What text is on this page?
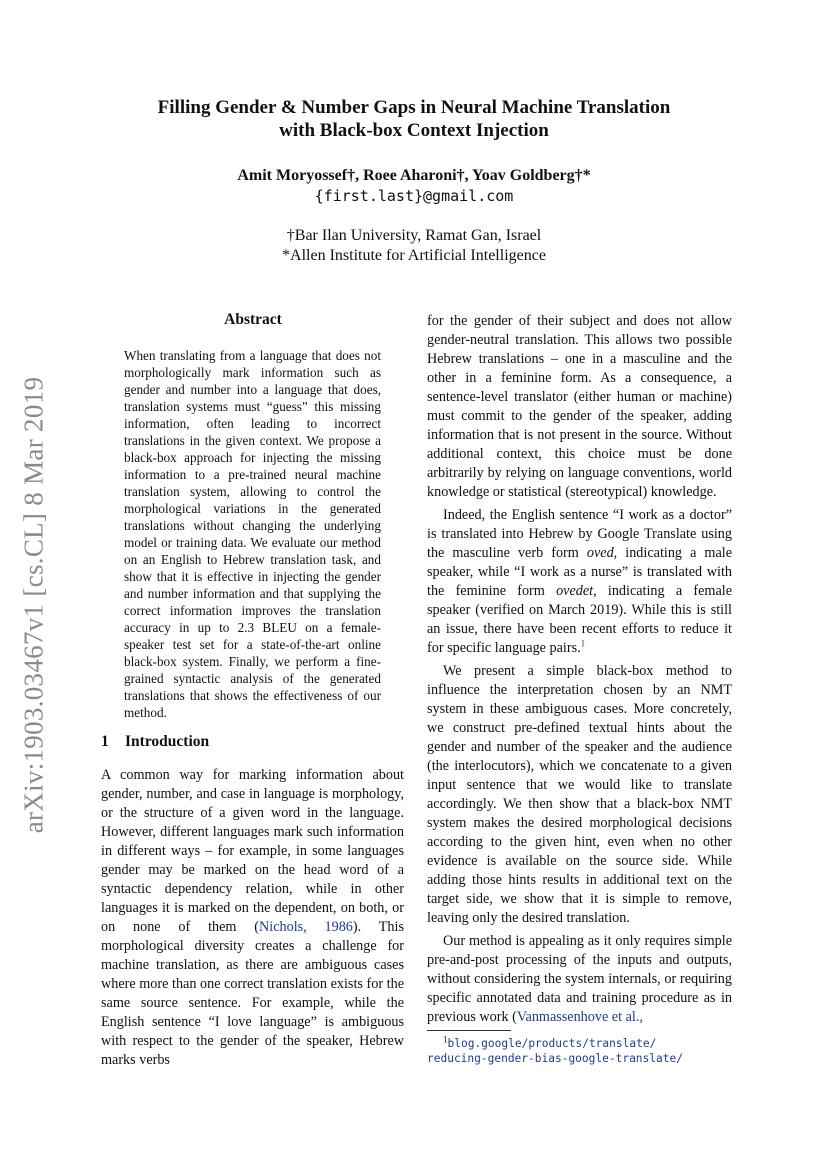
Filling Gender & Number Gaps in Neural Machine Translation
with Black-box Context Injection
Amit Moryossef†, Roee Aharoni†, Yoav Goldberg†*
{first.last}@gmail.com
†Bar Ilan University, Ramat Gan, Israel
*Allen Institute for Artificial Intelligence
arXiv:1903.03467v1 [cs.CL] 8 Mar 2019
Abstract
When translating from a language that does not morphologically mark information such as gender and number into a language that does, translation systems must “guess” this missing information, often leading to incorrect translations in the given context. We propose a black-box approach for injecting the missing information to a pre-trained neural machine translation system, allowing to control the morphological variations in the generated translations without changing the underlying model or training data. We evaluate our method on an English to Hebrew translation task, and show that it is effective in injecting the gender and number information and that supplying the correct information improves the translation accuracy in up to 2.3 BLEU on a female-speaker test set for a state-of-the-art online black-box system. Finally, we perform a fine-grained syntactic analysis of the generated translations that shows the effectiveness of our method.
1 Introduction
A common way for marking information about gender, number, and case in language is morphology, or the structure of a given word in the language. However, different languages mark such information in different ways – for example, in some languages gender may be marked on the head word of a syntactic dependency relation, while in other languages it is marked on the dependent, on both, or on none of them (Nichols, 1986). This morphological diversity creates a challenge for machine translation, as there are ambiguous cases where more than one correct translation exists for the same source sentence. For example, while the English sentence “I love language” is ambiguous with respect to the gender of the speaker, Hebrew marks verbs

for the gender of their subject and does not allow gender-neutral translation. This allows two possible Hebrew translations – one in a masculine and the other in a feminine form. As a consequence, a sentence-level translator (either human or machine) must commit to the gender of the speaker, adding information that is not present in the source. Without additional context, this choice must be done arbitrarily by relying on language conventions, world knowledge or statistical (stereotypical) knowledge.

Indeed, the English sentence “I work as a doctor” is translated into Hebrew by Google Translate using the masculine verb form oved, indicating a male speaker, while “I work as a nurse” is translated with the feminine form ovedet, indicating a female speaker (verified on March 2019). While this is still an issue, there have been recent efforts to reduce it for specific language pairs.$^1$

We present a simple black-box method to influence the interpretation chosen by an NMT system in these ambiguous cases. More concretely, we construct pre-defined textual hints about the gender and number of the speaker and the audience (the interlocutors), which we concatenate to a given input sentence that we would like to translate accordingly. We then show that a black-box NMT system makes the desired morphological decisions according to the given hint, even when no other evidence is available on the source side. While adding those hints results in additional text on the target side, we show that it is simple to remove, leaving only the desired translation.

Our method is appealing as it only requires simple pre-and-post processing of the inputs and outputs, without considering the system internals, or requiring specific annotated data and training procedure as in previous work (Vanmassenhove et al.,

$^1$blog.google/products/translate/
reducing-gender-bias-google-translate/
